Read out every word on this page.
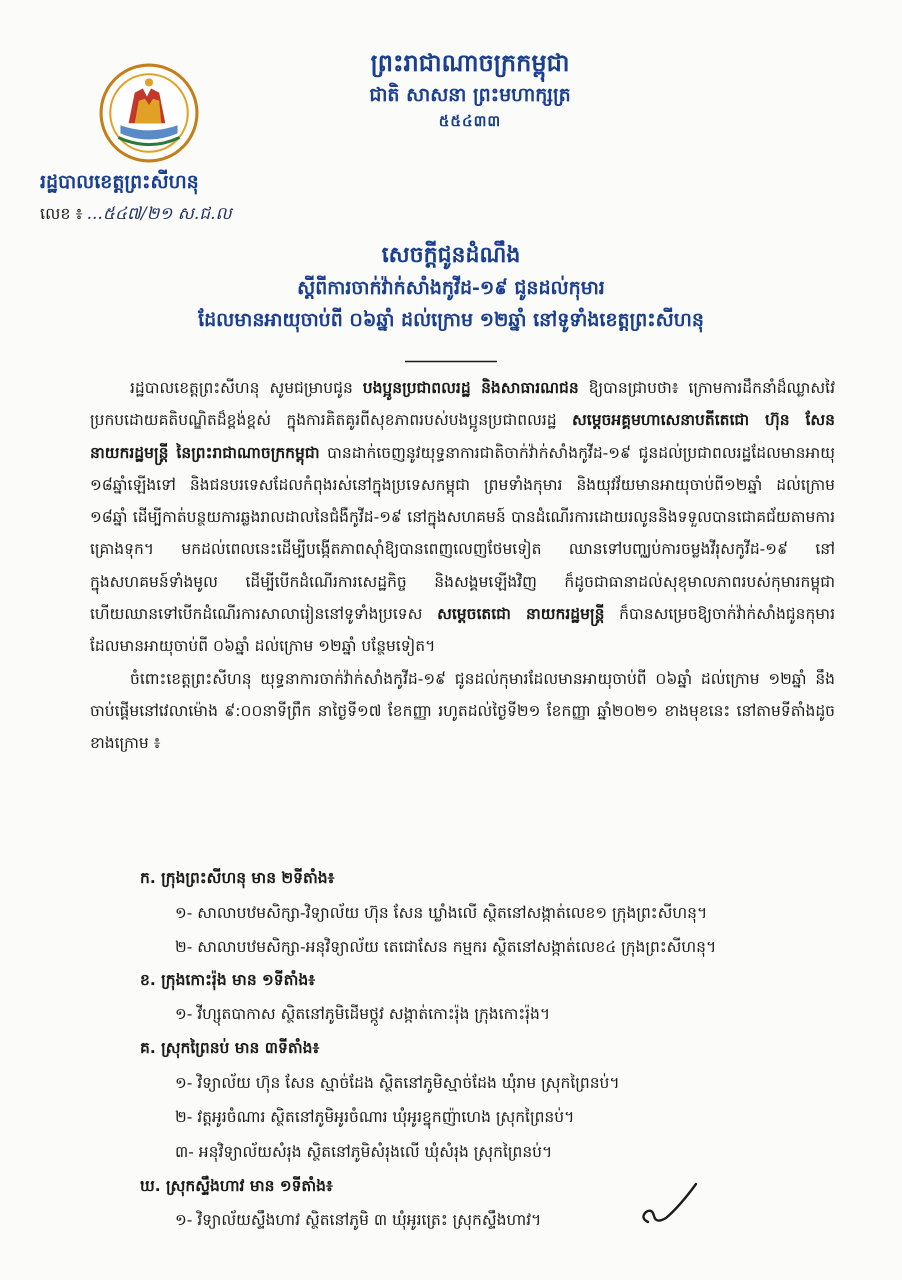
ព្រះរាជាណាចក្រកម្ពុជា
ជាតិ សាសនា ព្រះមហាក្សត្រ
៥៥៤៣៣
រដ្ឋបាលខេត្តព្រះសីហនុ
លេខ ៖ ...៥៤៧/២១ ស.ជ.ល
សេចក្តីជូនដំណឹង
ស្តីពីការចាក់វ៉ាក់សាំងកូវីដ-១៩ ជូនដល់កុមារ
ដែលមានអាយុចាប់ពី ០៦ឆ្នាំ ដល់ក្រោម ១២ឆ្នាំ នៅទូទាំងខេត្តព្រះសីហនុ

រដ្ឋបាលខេត្តព្រះសីហនុ សូមជម្រាបជូន បងប្អូនប្រជាពលរដ្ឋ និងសាធារណជន ឱ្យបានជ្រាបថា៖ ក្រោមការដឹកនាំដ៏ឈ្លាសវៃ ប្រកបដោយគតិបណ្ឌិតដ៏ខ្ពង់ខ្ពស់ ក្នុងការគិតគូរពីសុខភាពរបស់បងប្អូនប្រជាពលរដ្ឋ សម្តេចអគ្គមហាសេនាបតីតេជោ ហ៊ុន សែន នាយករដ្ឋមន្ត្រី នៃព្រះរាជាណាចក្រកម្ពុជា បានដាក់ចេញនូវយុទ្ធនាការជាតិចាក់វ៉ាក់សាំងកូវីដ-១៩ ជូនដល់ប្រជាពលរដ្ឋដែលមានអាយុ ១៨ឆ្នាំឡើងទៅ និងជនបរទេសដែលកំពុងរស់នៅក្នុងប្រទេសកម្ពុជា ព្រមទាំងកុមារ និងយុវវ័យមានអាយុចាប់ពី១២ឆ្នាំ ដល់ក្រោម ១៨ឆ្នាំ ដើម្បីកាត់បន្ថយការឆ្លងរាលដាលនៃជំងឺកូវីដ-១៩ នៅក្នុងសហគមន៍ បានដំណើរការដោយរលូននិងទទួលបានជោគជ័យតាមការគ្រោងទុក។ មកដល់ពេលនេះដើម្បីបង្កើតភាពស៊ាំឱ្យបានពេញលេញថែមទៀត ឈានទៅបញ្ឈប់ការចម្លងវីរុសកូវីដ-១៩ នៅក្នុងសហគមន៍ទាំងមូល ដើម្បីបើកដំណើរការសេដ្ឋកិច្ច និងសង្គមឡើងវិញ ក៏ដូចជាធានាដល់សុខុមាលភាពរបស់កុមារកម្ពុជា ហើយឈានទៅបើកដំណើរការសាលារៀននៅទូទាំងប្រទេស សម្តេចតេជោ នាយករដ្ឋមន្ត្រី ក៏បានសម្រេចឱ្យចាក់វ៉ាក់សាំងជូនកុមារដែលមានអាយុចាប់ពី ០៦ឆ្នាំ ដល់ក្រោម ១២ឆ្នាំ បន្ថែមទៀត។

ចំពោះខេត្តព្រះសីហនុ យុទ្ធនាការចាក់វ៉ាក់សាំងកូវីដ-១៩ ជូនដល់កុមារដែលមានអាយុចាប់ពី ០៦ឆ្នាំ ដល់ក្រោម ១២ឆ្នាំ នឹងចាប់ផ្តើមនៅវេលាម៉ោង ៩:០០នាទីព្រឹក នាថ្ងៃទី១៧ ខែកញ្ញា រហូតដល់ថ្ងៃទី២១ ខែកញ្ញា ឆ្នាំ២០២១ ខាងមុខនេះ នៅតាមទីតាំងដូចខាងក្រោម ៖

ក. ក្រុងព្រះសីហនុ មាន ២ទីតាំង៖
១- សាលាបឋមសិក្សា-វិទ្យាល័យ ហ៊ុន សែន ឃ្លាំងលើ ស្ថិតនៅសង្កាត់លេខ១ ក្រុងព្រះសីហនុ។
២- សាលាបឋមសិក្សា-អនុវិទ្យាល័យ តេជោសែន កម្មករ ស្ថិតនៅសង្កាត់លេខ៤ ក្រុងព្រះសីហនុ។
ខ. ក្រុងកោះរ៉ុង មាន ១ទីតាំង៖
១- វីហ្សុតបាកាស ស្ថិតនៅភូមិដើមថ្កូវ សង្កាត់កោះរ៉ុង ក្រុងកោះរ៉ុង។
គ. ស្រុកព្រៃនប់ មាន ៣ទីតាំង៖
១- វិទ្យាល័យ ហ៊ុន សែន ស្មាច់ដែង ស្ថិតនៅភូមិស្មាច់ដែង ឃុំរាម ស្រុកព្រៃនប់។
២- វត្តអូរចំណារ ស្ថិតនៅភូមិអូរចំណារ ឃុំអូរខ្នុកញ៉ាហេង ស្រុកព្រៃនប់។
៣- អនុវិទ្យាល័យសំរុង ស្ថិតនៅភូមិសំរុងលើ ឃុំសំរុង ស្រុកព្រៃនប់។
ឃ. ស្រុកស្ទឹងហាវ មាន ១ទីតាំង៖
១- វិទ្យាល័យស្ទឹងហាវ ស្ថិតនៅភូមិ ៣ ឃុំអូរត្រេះ ស្រុកស្ទឹងហាវ។
